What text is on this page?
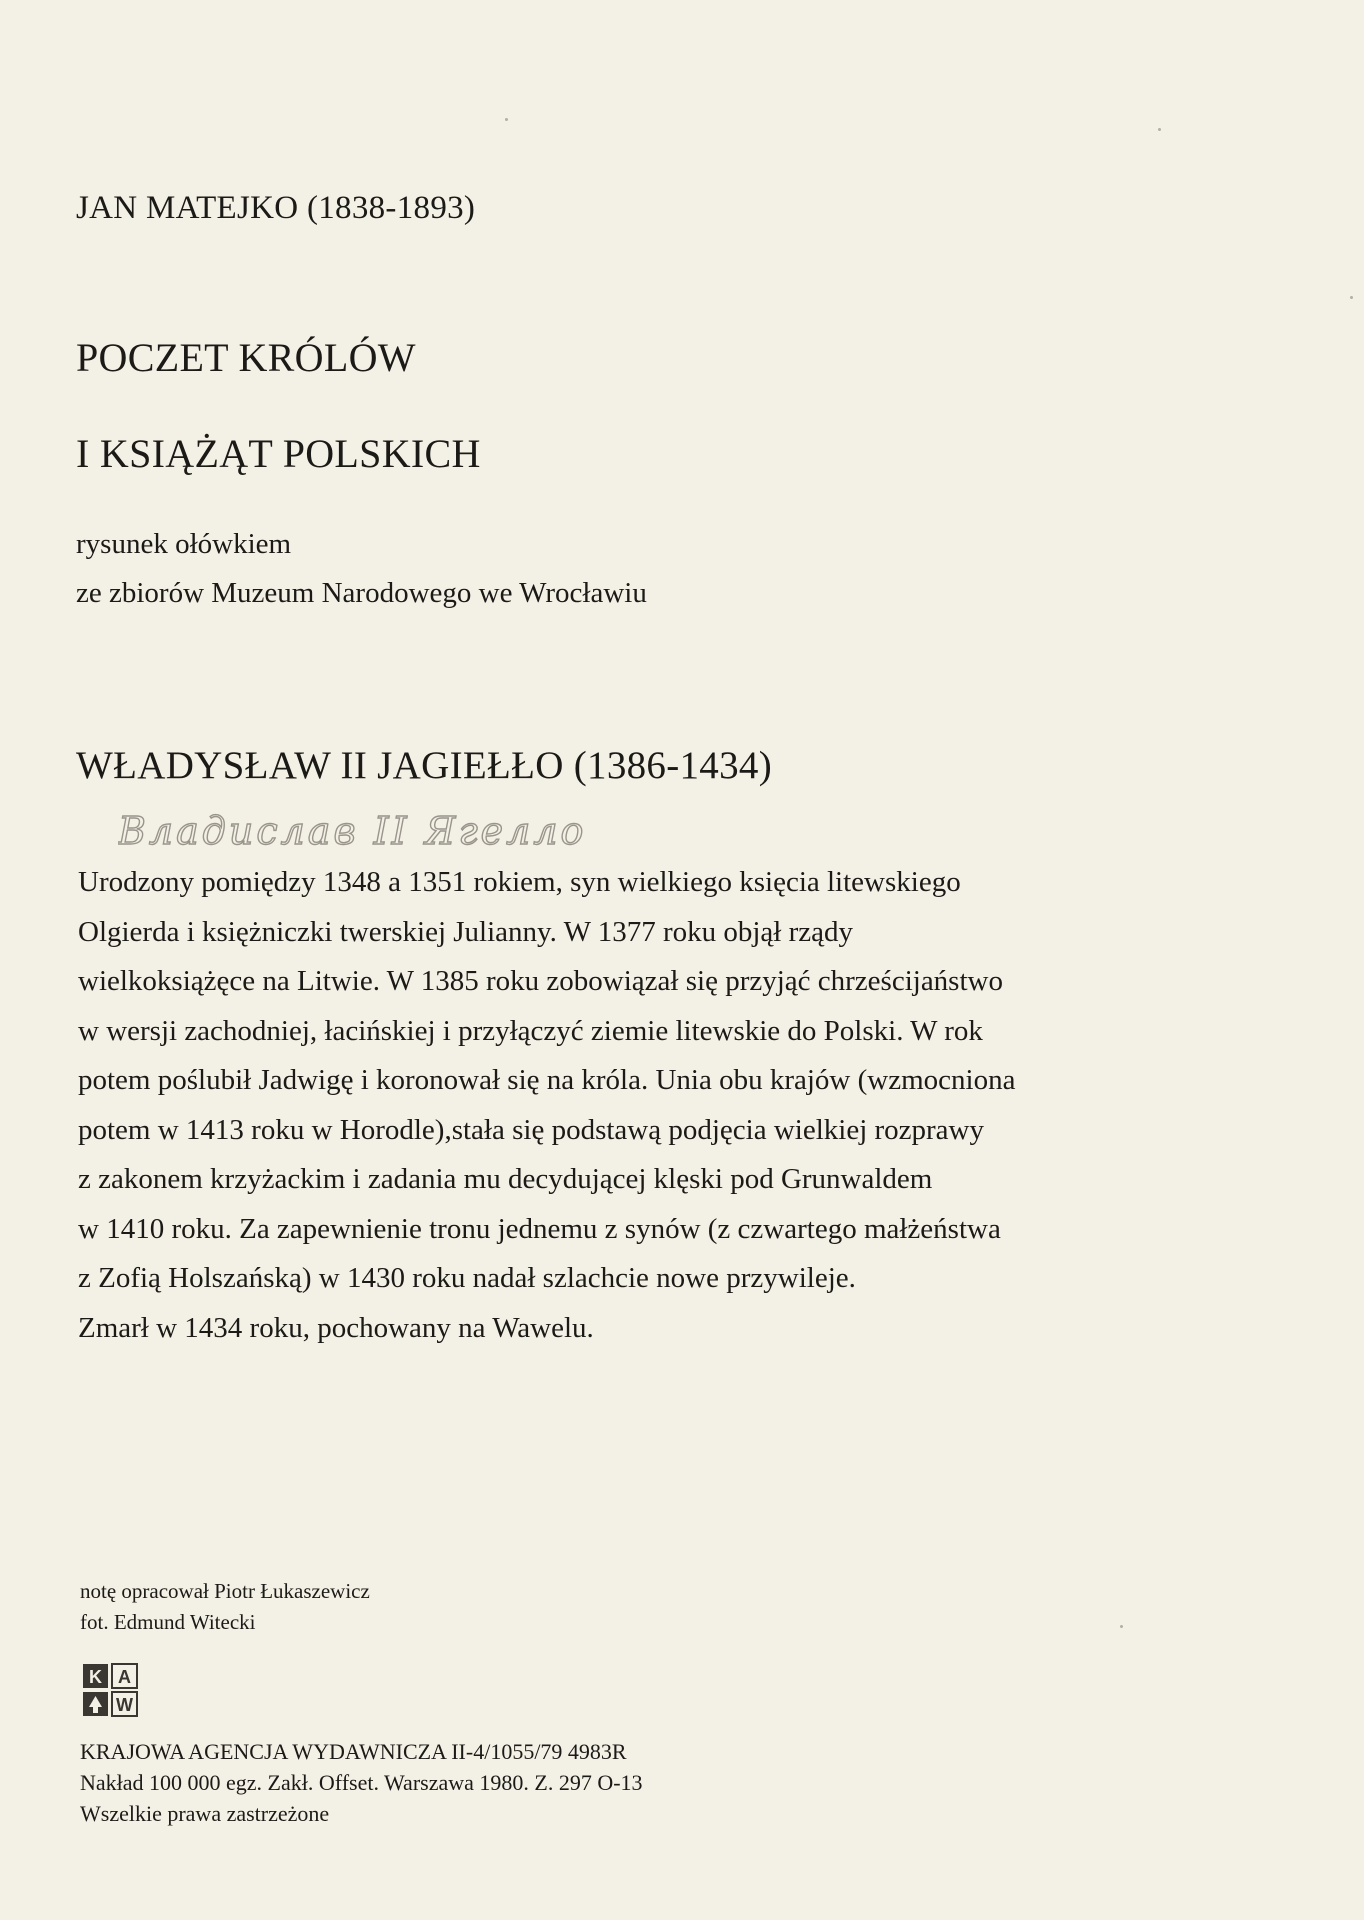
JAN MATEJKO (1838-1893)
POCZET KRÓLÓW
I KSIĄŻĄT POLSKICH
rysunek ołówkiem
ze zbiorów Muzeum Narodowego we Wrocławiu
WŁADYSŁAW II JAGIEŁŁO (1386-1434)
Владислав II Ягелло
Urodzony pomiędzy 1348 a 1351 rokiem, syn wielkiego księcia litewskiego
Olgierda i księżniczki twerskiej Julianny. W 1377 roku objął rządy
wielkoksiążęce na Litwie. W 1385 roku zobowiązał się przyjąć chrześcijaństwo
w wersji zachodniej, łacińskiej i przyłączyć ziemie litewskie do Polski. W rok
potem poślubił Jadwigę i koronował się na króla. Unia obu krajów (wzmocniona
potem w 1413 roku w Horodle),stała się podstawą podjęcia wielkiej rozprawy
z zakonem krzyżackim i zadania mu decydującej klęski pod Grunwaldem
w 1410 roku. Za zapewnienie tronu jednemu z synów (z czwartego małżeństwa
z Zofią Holszańską) w 1430 roku nadał szlachcie nowe przywileje.
Zmarł w 1434 roku, pochowany na Wawelu.
notę opracował Piotr Łukaszewicz
fot. Edmund Witecki
K A
W
KRAJOWA AGENCJA WYDAWNICZA II-4/1055/79 4983R
Nakład 100 000 egz. Zakł. Offset. Warszawa 1980. Z. 297 O-13
Wszelkie prawa zastrzeżone
